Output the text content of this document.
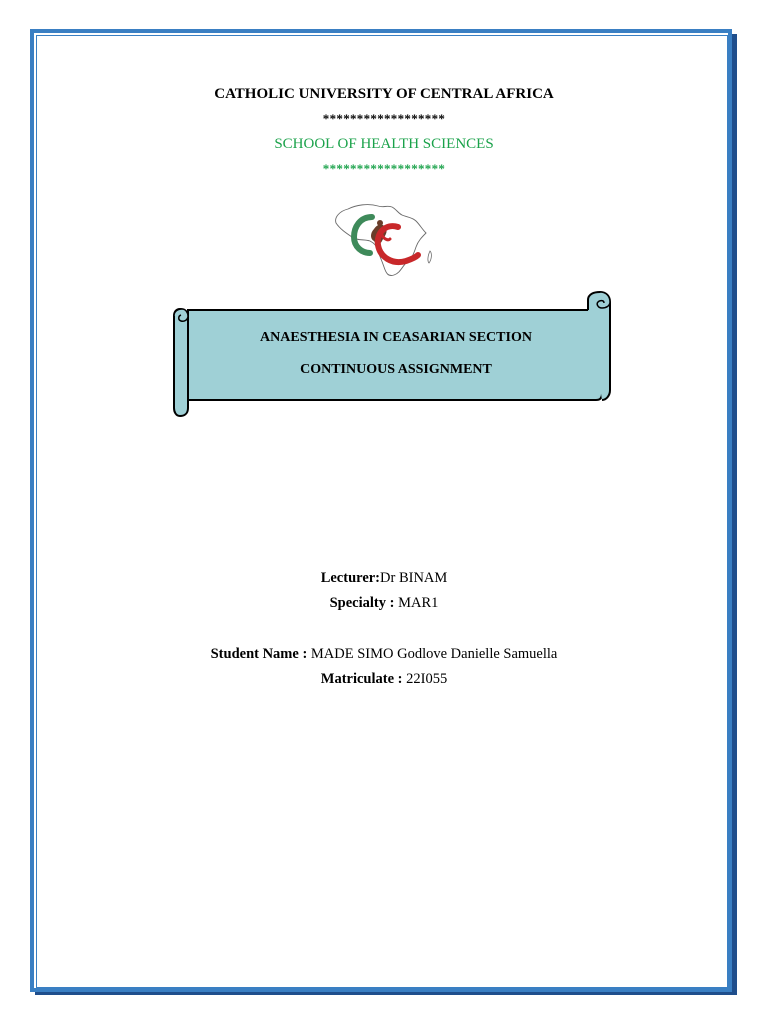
CATHOLIC UNIVERSITY OF CENTRAL AFRICA
******************
SCHOOL OF HEALTH SCIENCES
******************
ANAESTHESIA IN CEASARIAN SECTION
CONTINUOUS ASSIGNMENT
Lecturer:Dr BINAM
Specialty : MAR1
Student Name : MADE SIMO Godlove Danielle Samuella
Matriculate : 22I055
